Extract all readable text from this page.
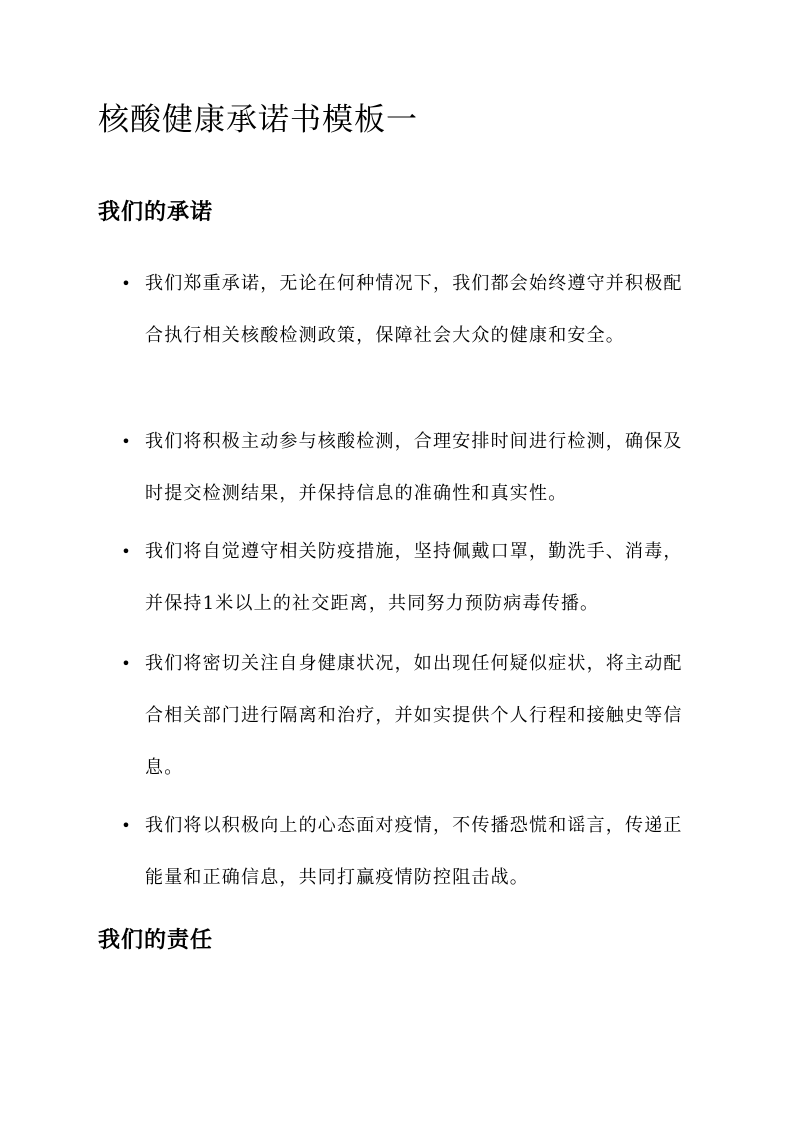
核酸健康承诺书模板一
我们的承诺
• 我们郑重承诺，无论在何种情况下，我们都会始终遵守并积极配合执行相关核酸检测政策，保障社会大众的健康和安全。
• 我们将积极主动参与核酸检测，合理安排时间进行检测，确保及时提交检测结果，并保持信息的准确性和真实性。
• 我们将自觉遵守相关防疫措施，坚持佩戴口罩，勤洗手、消毒，并保持1米以上的社交距离，共同努力预防病毒传播。
• 我们将密切关注自身健康状况，如出现任何疑似症状，将主动配合相关部门进行隔离和治疗，并如实提供个人行程和接触史等信息。
• 我们将以积极向上的心态面对疫情，不传播恐慌和谣言，传递正能量和正确信息，共同打赢疫情防控阻击战。
我们的责任
